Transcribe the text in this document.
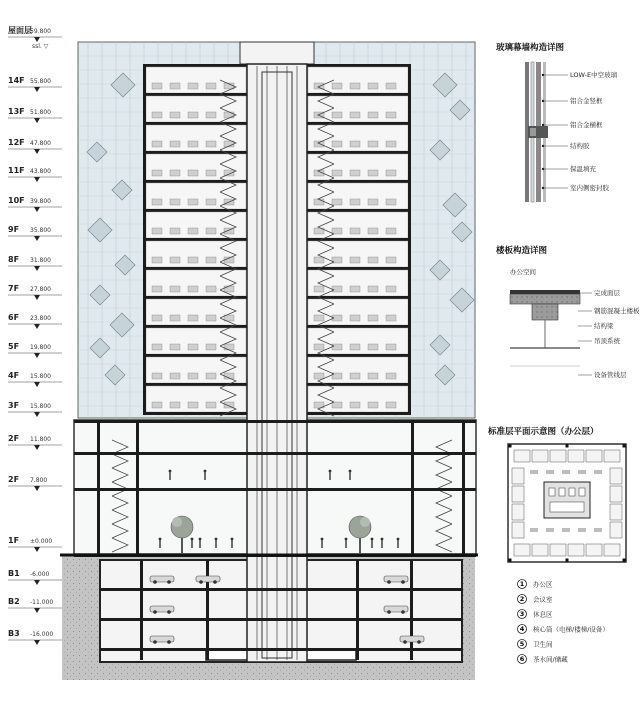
屋面层
59.800
ssl. ▽
14F 55.800
13F 51.800
12F 47.800
11F 43.800
10F 39.800
9F 35.800
8F 31.800
7F 27.800
6F 23.800
5F 19.800
4F 15.800
3F 15.800
2F 11.800
2F 7.800
1F ±0.000
B1 -6.000
B2 -11.000
B3 -16.000
玻璃幕墙构造详图
LOW-E中空玻璃
铝合金竖框
铝合金横框
结构胶
保温填充
室内侧密封胶
楼板构造详图
办公空间
完成面层
钢筋混凝土楼板
结构梁
吊顶系统
设备管线层
标准层平面示意图（办公层）
1 办公区
2 会议室
3 休息区
4 核心筒（电梯/楼梯/设备）
5 卫生间
6 茶水间/储藏
